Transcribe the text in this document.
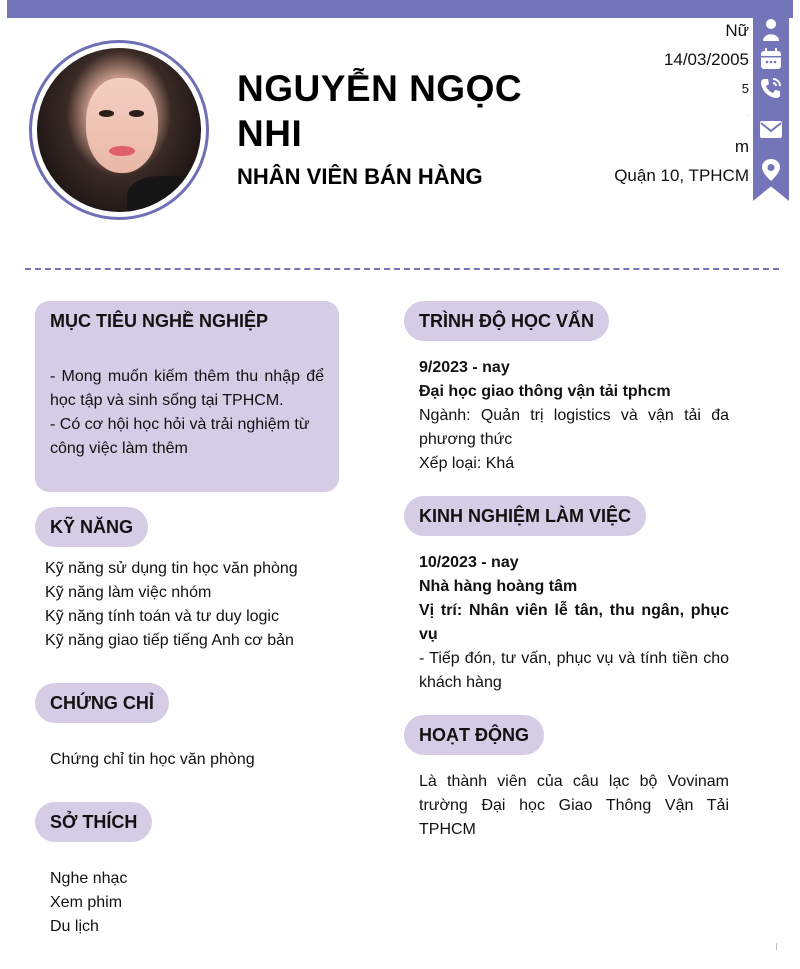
NGUYỄN NGỌC
NHI
NHÂN VIÊN BÁN HÀNG
Nữ
14/03/2005
5
'
m
Quận 10, TPHCM
MỤC TIÊU NGHỀ NGHIỆP
- Mong muốn kiếm thêm thu nhập để học tập và sinh sống tại TPHCM.
- Có cơ hội học hỏi và trải nghiệm từ công việc làm thêm
KỸ NĂNG
Kỹ năng sử dụng tin học văn phòng
Kỹ năng làm việc nhóm
Kỹ năng tính toán và tư duy logic
Kỹ năng giao tiếp tiếng Anh cơ bản
CHỨNG CHỈ
Chứng chỉ tin học văn phòng
SỞ THÍCH
Nghe nhạc
Xem phim
Du lịch
TRÌNH ĐỘ HỌC VẤN
9/2023 - nay
Đại học giao thông vận tải tphcm
Ngành: Quản trị logistics và vận tải đa phương thức
Xếp loại: Khá
KINH NGHIỆM LÀM VIỆC
10/2023 - nay
Nhà hàng hoàng tâm
Vị trí: Nhân viên lễ tân, thu ngân, phục vụ
- Tiếp đón, tư vấn, phục vụ và tính tiền cho khách hàng
HOẠT ĐỘNG
Là thành viên của câu lạc bộ Vovinam trường Đại học Giao Thông Vận Tải TPHCM
